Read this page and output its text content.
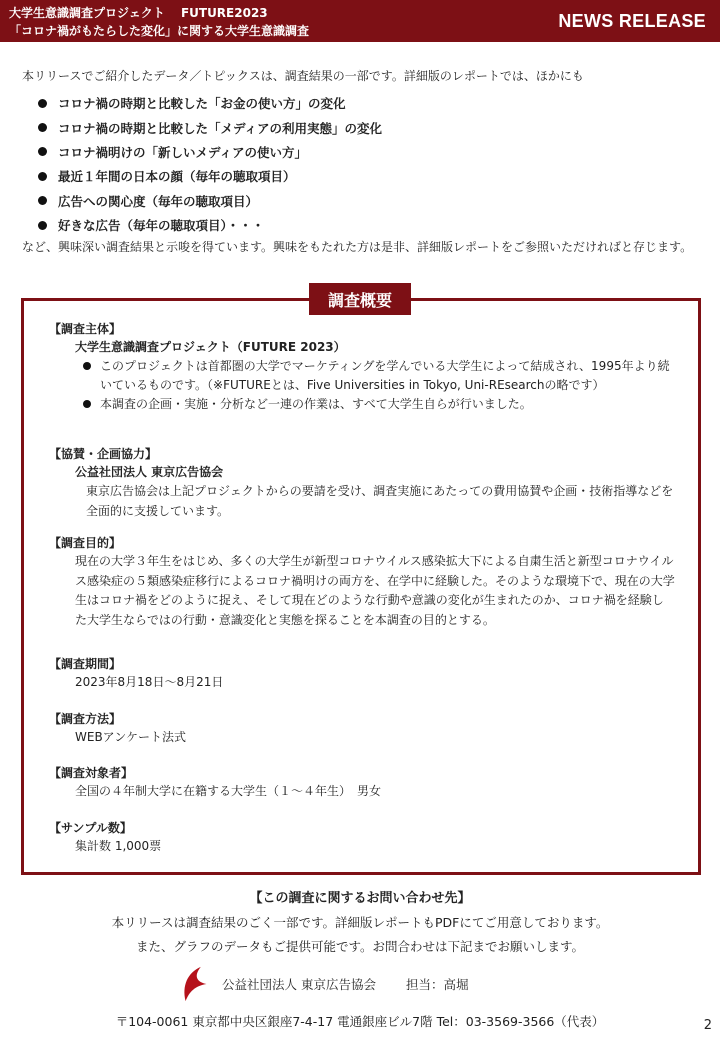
大学生意識調査プロジェクト　 FUTURE2023
「コロナ禍がもたらした変化」に関する大学生意識調査	NEWS RELEASE
本リリースでご紹介したデータ／トピックスは、調査結果の一部です。詳細版のレポートでは、ほかにも
コロナ禍の時期と比較した「お金の使い方」の変化
コロナ禍の時期と比較した「メディアの利用実態」の変化
コロナ禍明けの「新しいメディアの使い方」
最近１年間の日本の顔（毎年の聴取項目）
広告への関心度（毎年の聴取項目）
好きな広告（毎年の聴取項目）・・・
など、興味深い調査結果と示唆を得ています。興味をもたれた方は是非、詳細版レポートをご参照いただければと存じます。
調査概要
【調査主体】
大学生意識調査プロジェクト（FUTURE 2023）
このプロジェクトは首都圏の大学でマーケティングを学んでいる大学生によって結成され、1995年より続いているものです。（※FUTUREとは、Five Universities in Tokyo, Uni-REsearchの略です）
本調査の企画・実施・分析など一連の作業は、すべて大学生自らが行いました。
【協賛・企画協力】
公益社団法人 東京広告協会
東京広告協会は上記プロジェクトからの要請を受け、調査実施にあたっての費用協賛や企画・技術指導などを全面的に支援しています。
【調査目的】
現在の大学３年生をはじめ、多くの大学生が新型コロナウイルス感染拡大下による自粛生活と新型コロナウイルス感染症の５類感染症移行によるコロナ禍明けの両方を、在学中に経験した。そのような環境下で、現在の大学生はコロナ禍をどのように捉え、そして現在どのような行動や意識の変化が生まれたのか、コロナ禍を経験した大学生ならではの行動・意識変化と実態を探ることを本調査の目的とする。
【調査期間】
2023年8月18日～8月21日
【調査方法】
WEBアンケート法式
【調査対象者】
全国の４年制大学に在籍する大学生（１～４年生）　男女
【サンプル数】
集計数 1,000票
【この調査に関するお問い合わせ先】
本リリースは調査結果のごく一部です。詳細版レポートもPDFにてご用意しております。
また、グラフのデータもご提供可能です。お問合わせは下記までお願いします。
公益社団法人 東京広告協会 担当：高堀
〒104-0061 東京都中央区銀座7-4-17 電通銀座ビル7階 Tel：03-3569-3566（代表）	2
